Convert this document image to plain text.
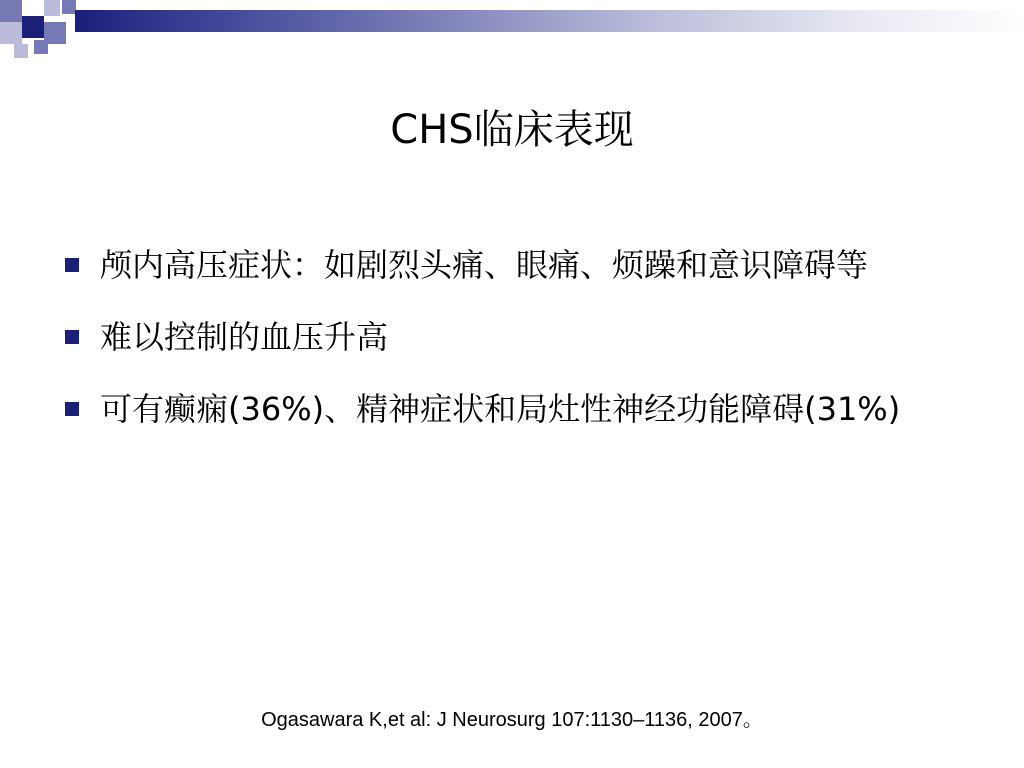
CHS临床表现
颅内高压症状：如剧烈头痛、眼痛、烦躁和意识障碍等
难以控制的血压升高
可有癫痫(36%)、精神症状和局灶性神经功能障碍(31%)
Ogasawara K,et al: J Neurosurg 107:1130–1136, 2007。
